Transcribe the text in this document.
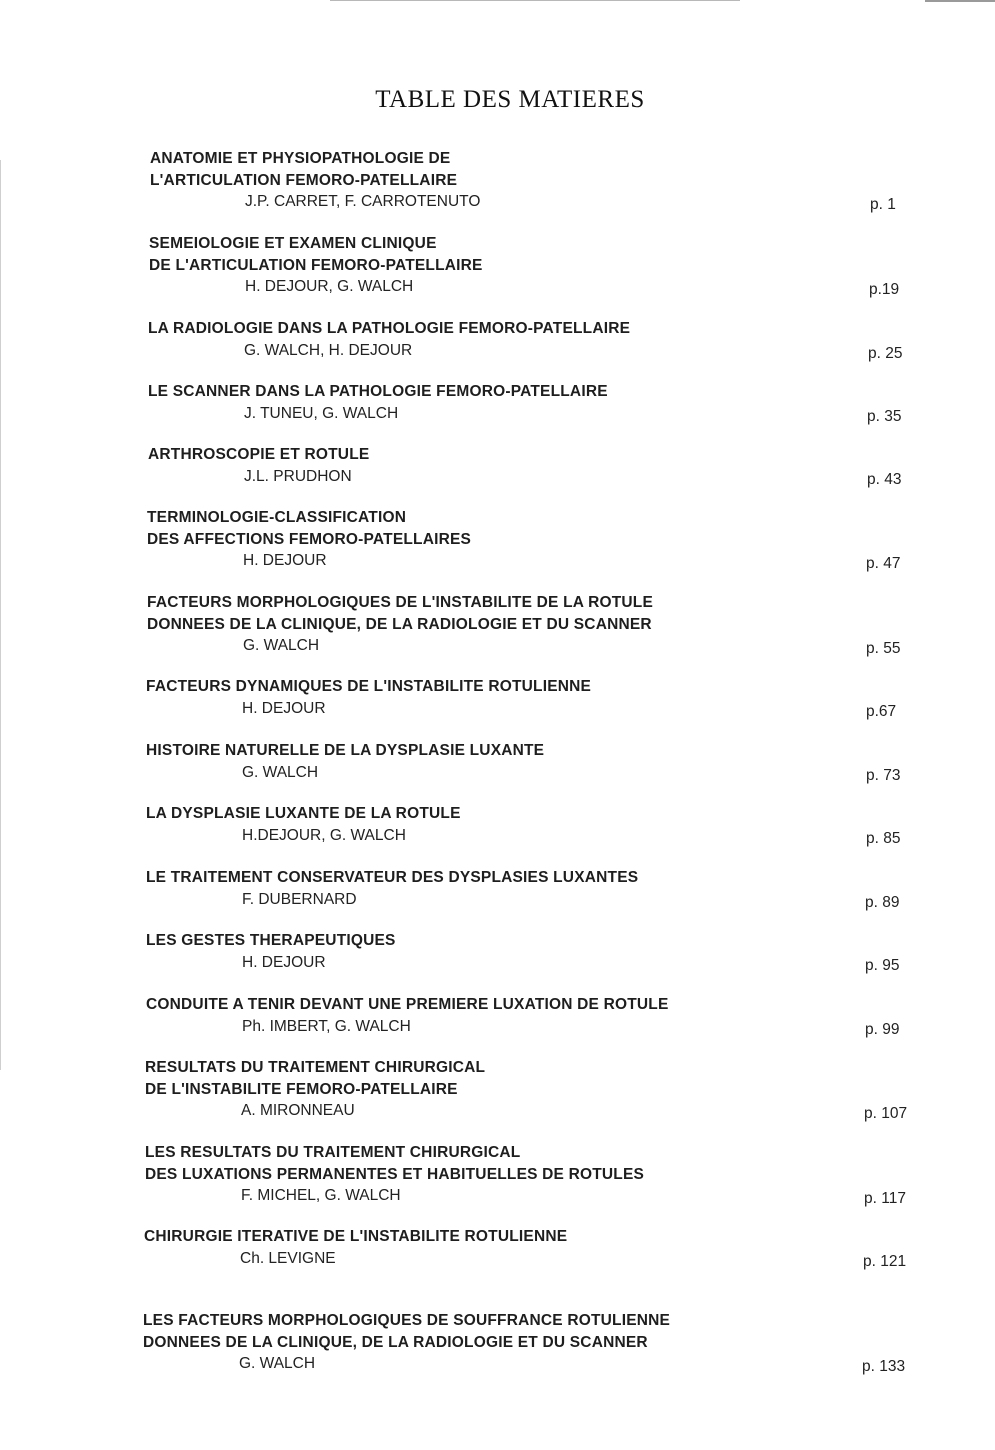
TABLE DES MATIERES
ANATOMIE ET PHYSIOPATHOLOGIE DE
L'ARTICULATION FEMORO-PATELLAIRE
J.P. CARRET, F. CARROTENUTO	p. 1
SEMEIOLOGIE ET EXAMEN CLINIQUE
DE L'ARTICULATION FEMORO-PATELLAIRE
H. DEJOUR, G. WALCH	p.19
LA RADIOLOGIE DANS LA PATHOLOGIE FEMORO-PATELLAIRE
G. WALCH, H. DEJOUR	p. 25
LE SCANNER DANS LA PATHOLOGIE FEMORO-PATELLAIRE
J. TUNEU, G. WALCH	p. 35
ARTHROSCOPIE ET ROTULE
J.L. PRUDHON	p. 43
TERMINOLOGIE-CLASSIFICATION
DES AFFECTIONS FEMORO-PATELLAIRES
H. DEJOUR	p. 47
FACTEURS MORPHOLOGIQUES DE L'INSTABILITE DE LA ROTULE
DONNEES DE LA CLINIQUE, DE LA RADIOLOGIE ET DU SCANNER
G. WALCH	p. 55
FACTEURS DYNAMIQUES DE L'INSTABILITE ROTULIENNE
H. DEJOUR	p.67
HISTOIRE NATURELLE DE LA DYSPLASIE LUXANTE
G. WALCH	p. 73
LA DYSPLASIE LUXANTE DE LA ROTULE
H.DEJOUR, G. WALCH	p. 85
LE TRAITEMENT CONSERVATEUR DES DYSPLASIES LUXANTES
F. DUBERNARD	p. 89
LES GESTES THERAPEUTIQUES
H. DEJOUR	p. 95
CONDUITE A TENIR DEVANT UNE PREMIERE LUXATION DE ROTULE
Ph. IMBERT, G. WALCH	p. 99
RESULTATS DU TRAITEMENT CHIRURGICAL
DE L'INSTABILITE FEMORO-PATELLAIRE
A. MIRONNEAU	p. 107
LES RESULTATS DU TRAITEMENT CHIRURGICAL
DES LUXATIONS PERMANENTES ET HABITUELLES DE ROTULES
F. MICHEL, G. WALCH	p. 117
CHIRURGIE ITERATIVE DE L'INSTABILITE ROTULIENNE
Ch. LEVIGNE	p. 121
LES FACTEURS MORPHOLOGIQUES DE SOUFFRANCE ROTULIENNE
DONNEES DE LA CLINIQUE, DE LA RADIOLOGIE ET DU SCANNER
G. WALCH	p. 133
